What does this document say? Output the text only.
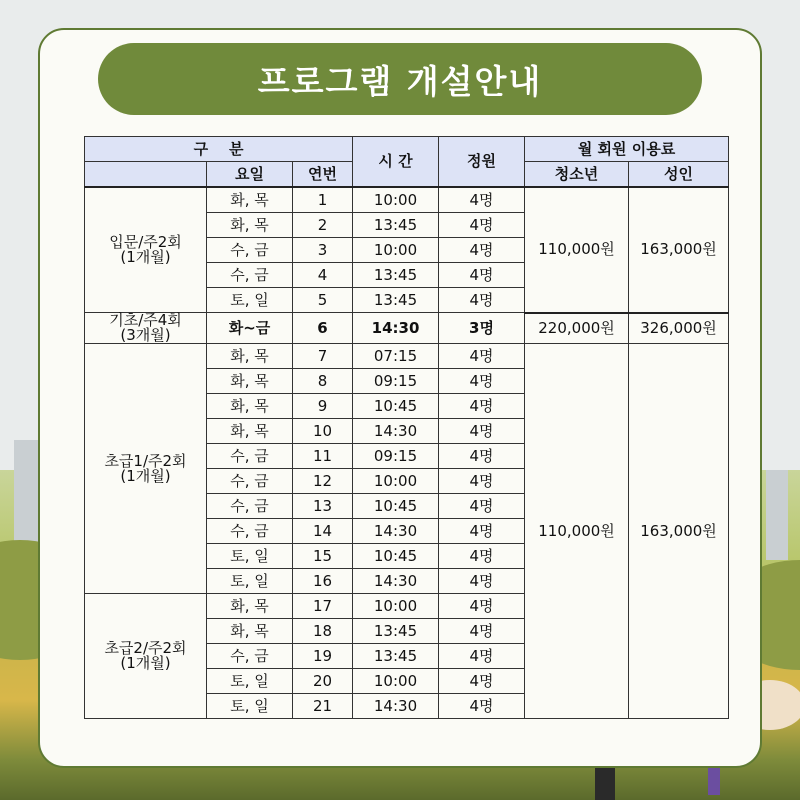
프로그램 개설안내
구    분			시 간	정원	월 회원 이용료	
	요일	연번			청소년	성인

입문/주2회
(1개월)	화, 목	1	10:00	4명	110,000원	163,000원
	화, 목	2	13:45	4명		
	수, 금	3	10:00	4명		
	수, 금	4	13:45	4명		
	토, 일	5	13:45	4명		

기초/주4회
(3개월)	화~금	6	14:30	3명	220,000원	326,000원

초급1/주2회
(1개월)	화, 목	7	07:15	4명	110,000원	163,000원
	화, 목	8	09:15	4명		
	화, 목	9	10:45	4명		
	화, 목	10	14:30	4명		
	수, 금	11	09:15	4명		
	수, 금	12	10:00	4명		
	수, 금	13	10:45	4명		
	수, 금	14	14:30	4명		
	토, 일	15	10:45	4명		
	토, 일	16	14:30	4명		

초급2/주2회
(1개월)	화, 목	17	10:00	4명		
	화, 목	18	13:45	4명		
	수, 금	19	13:45	4명		
	토, 일	20	10:00	4명		
	토, 일	21	14:30	4명		
